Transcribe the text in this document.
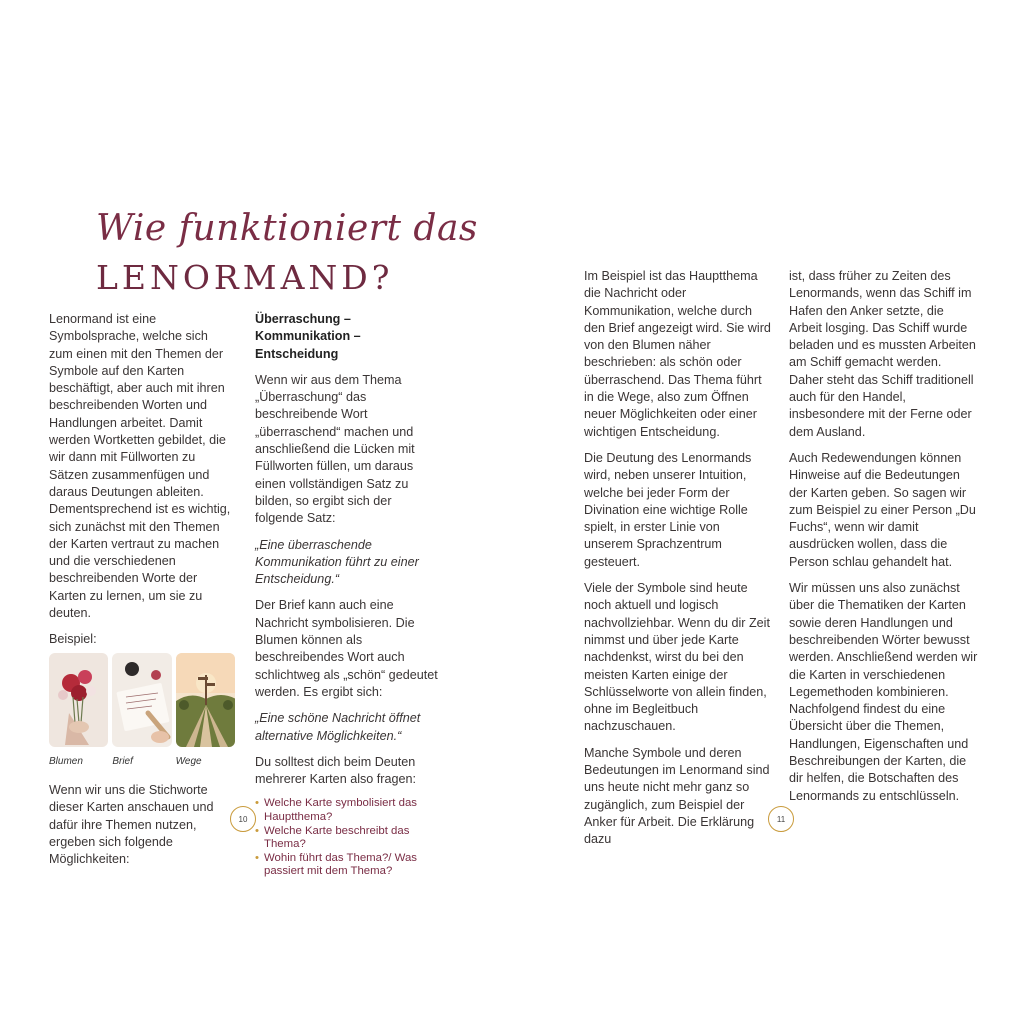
Wie funktioniert das
LENORMAND?

Lenormand ist eine Symbolsprache, welche sich zum einen mit den Themen der Symbole auf den Karten beschäftigt, aber auch mit ihren beschreibenden Worten und Handlungen arbeitet. Damit werden Wortketten gebildet, die wir dann mit Füllworten zu Sätzen zusammenfügen und daraus Deutungen ableiten. Dementsprechend ist es wichtig, sich zunächst mit den Themen der Karten vertraut zu machen und die verschiedenen beschreibenden Worte der Karten zu lernen, um sie zu deuten.

Beispiel:

Blumen	Brief	Wege

Wenn wir uns die Stichworte dieser Karten anschauen und dafür ihre Themen nutzen, ergeben sich folgende Möglichkeiten:

Überraschung – Kommunikation – Entscheidung

Wenn wir aus dem Thema „Überraschung“ das beschreibende Wort „überraschend“ machen und anschließend die Lücken mit Füllworten füllen, um daraus einen vollständigen Satz zu bilden, so ergibt sich der folgende Satz:

„Eine überraschende Kommunikation führt zu einer Entscheidung.“

Der Brief kann auch eine Nachricht symbolisieren. Die Blumen können als beschreibendes Wort auch schlichtweg als „schön“ gedeutet werden. Es ergibt sich:

„Eine schöne Nachricht öffnet alternative Möglichkeiten.“

Du solltest dich beim Deuten mehrerer Karten also fragen:

• Welche Karte symbolisiert das Hauptthema?
• Welche Karte beschreibt das Thema?
• Wohin führt das Thema?/ Was passiert mit dem Thema?

Im Beispiel ist das Hauptthema die Nachricht oder Kommunikation, welche durch den Brief angezeigt wird. Sie wird von den Blumen näher beschrieben: als schön oder überraschend. Das Thema führt in die Wege, also zum Öffnen neuer Möglichkeiten oder einer wichtigen Entscheidung.

Die Deutung des Lenormands wird, neben unserer Intuition, welche bei jeder Form der Divination eine wichtige Rolle spielt, in erster Linie von unserem Sprachzentrum gesteuert.

Viele der Symbole sind heute noch aktuell und logisch nachvollziehbar. Wenn du dir Zeit nimmst und über jede Karte nachdenkst, wirst du bei den meisten Karten einige der Schlüsselworte von allein finden, ohne im Begleitbuch nachzuschauen.

Manche Symbole und deren Bedeutungen im Lenormand sind uns heute nicht mehr ganz so zugänglich, zum Beispiel der Anker für Arbeit. Die Erklärung dazu

ist, dass früher zu Zeiten des Lenormands, wenn das Schiff im Hafen den Anker setzte, die Arbeit losging. Das Schiff wurde beladen und es mussten Arbeiten am Schiff gemacht werden. Daher steht das Schiff traditionell auch für den Handel, insbesondere mit der Ferne oder dem Ausland.

Auch Redewendungen können Hinweise auf die Bedeutungen der Karten geben. So sagen wir zum Beispiel zu einer Person „Du Fuchs“, wenn wir damit ausdrücken wollen, dass die Person schlau gehandelt hat.

Wir müssen uns also zunächst über die Thematiken der Karten sowie deren Handlungen und beschreibenden Wörter bewusst werden. Anschließend werden wir die Karten in verschiedenen Legemethoden kombinieren. Nachfolgend findest du eine Übersicht über die Themen, Handlungen, Eigenschaften und Beschreibungen der Karten, die dir helfen, die Botschaften des Lenormands zu entschlüsseln.

10	11
